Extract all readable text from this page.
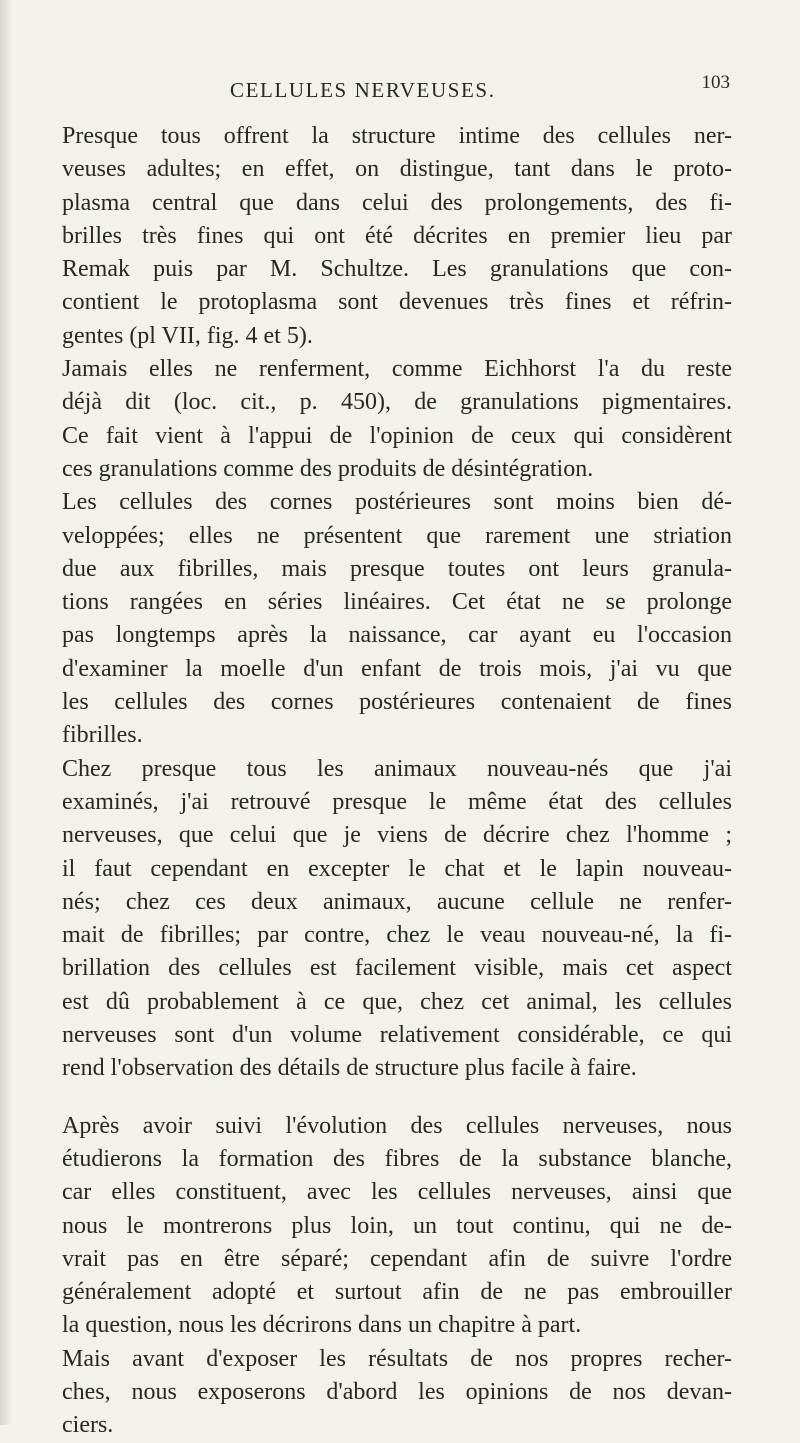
CELLULES NERVEUSES.	103
Presque tous offrent la structure intime des cellules ner-
veuses adultes; en effet, on distingue, tant dans le proto-
plasma central que dans celui des prolongements, des fi-
brilles très fines qui ont été décrites en premier lieu par
Remak puis par M. Schultze. Les granulations que con-
contient le protoplasma sont devenues très fines et réfrin-
gentes (pl VII, fig. 4 et 5).
Jamais elles ne renferment, comme Eichhorst l'a du reste
déjà dit (loc. cit., p. 450), de granulations pigmentaires.
Ce fait vient à l'appui de l'opinion de ceux qui considèrent
ces granulations comme des produits de désintégration.
Les cellules des cornes postérieures sont moins bien dé-
veloppées; elles ne présentent que rarement une striation
due aux fibrilles, mais presque toutes ont leurs granula-
tions rangées en séries linéaires. Cet état ne se prolonge
pas longtemps après la naissance, car ayant eu l'occasion
d'examiner la moelle d'un enfant de trois mois, j'ai vu que
les cellules des cornes postérieures contenaient de fines
fibrilles.
Chez presque tous les animaux nouveau-nés que j'ai
examinés, j'ai retrouvé presque le même état des cellules
nerveuses, que celui que je viens de décrire chez l'homme ;
il faut cependant en excepter le chat et le lapin nouveau-
nés; chez ces deux animaux, aucune cellule ne renfer-
mait de fibrilles; par contre, chez le veau nouveau-né, la fi-
brillation des cellules est facilement visible, mais cet aspect
est dû probablement à ce que, chez cet animal, les cellules
nerveuses sont d'un volume relativement considérable, ce qui
rend l'observation des détails de structure plus facile à faire.
Après avoir suivi l'évolution des cellules nerveuses, nous
étudierons la formation des fibres de la substance blanche,
car elles constituent, avec les cellules nerveuses, ainsi que
nous le montrerons plus loin, un tout continu, qui ne de-
vrait pas en être séparé; cependant afin de suivre l'ordre
généralement adopté et surtout afin de ne pas embrouiller
la question, nous les décrirons dans un chapitre à part.
Mais avant d'exposer les résultats de nos propres recher-
ches, nous exposerons d'abord les opinions de nos devan-
ciers.
